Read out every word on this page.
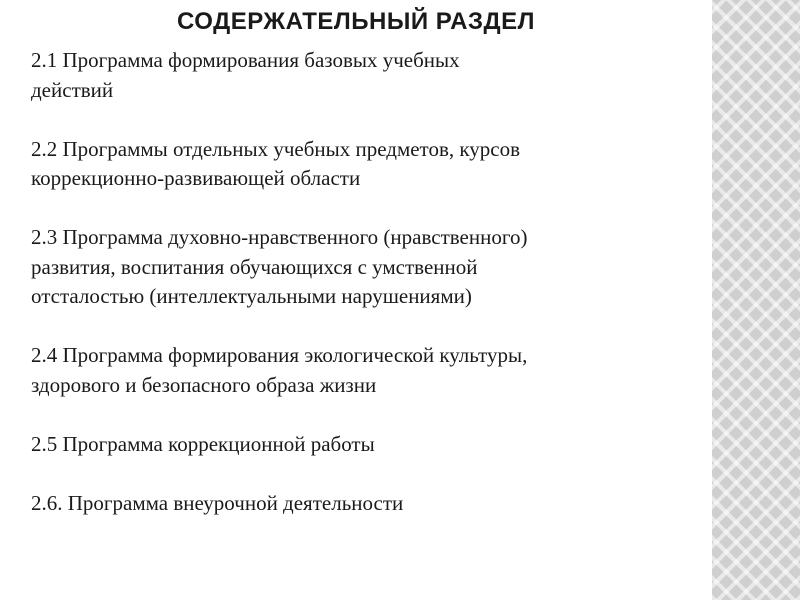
СОДЕРЖАТЕЛЬНЫЙ РАЗДЕЛ
2.1 Программа формирования базовых учебных
действий
2.2 Программы отдельных учебных предметов, курсов
коррекционно-развивающей области
2.3 Программа духовно-нравственного (нравственного)
развития, воспитания обучающихся с умственной
отсталостью (интеллектуальными нарушениями)
2.4 Программа формирования экологической культуры,
здорового и безопасного образа жизни
2.5 Программа коррекционной работы
2.6. Программа внеурочной деятельности
